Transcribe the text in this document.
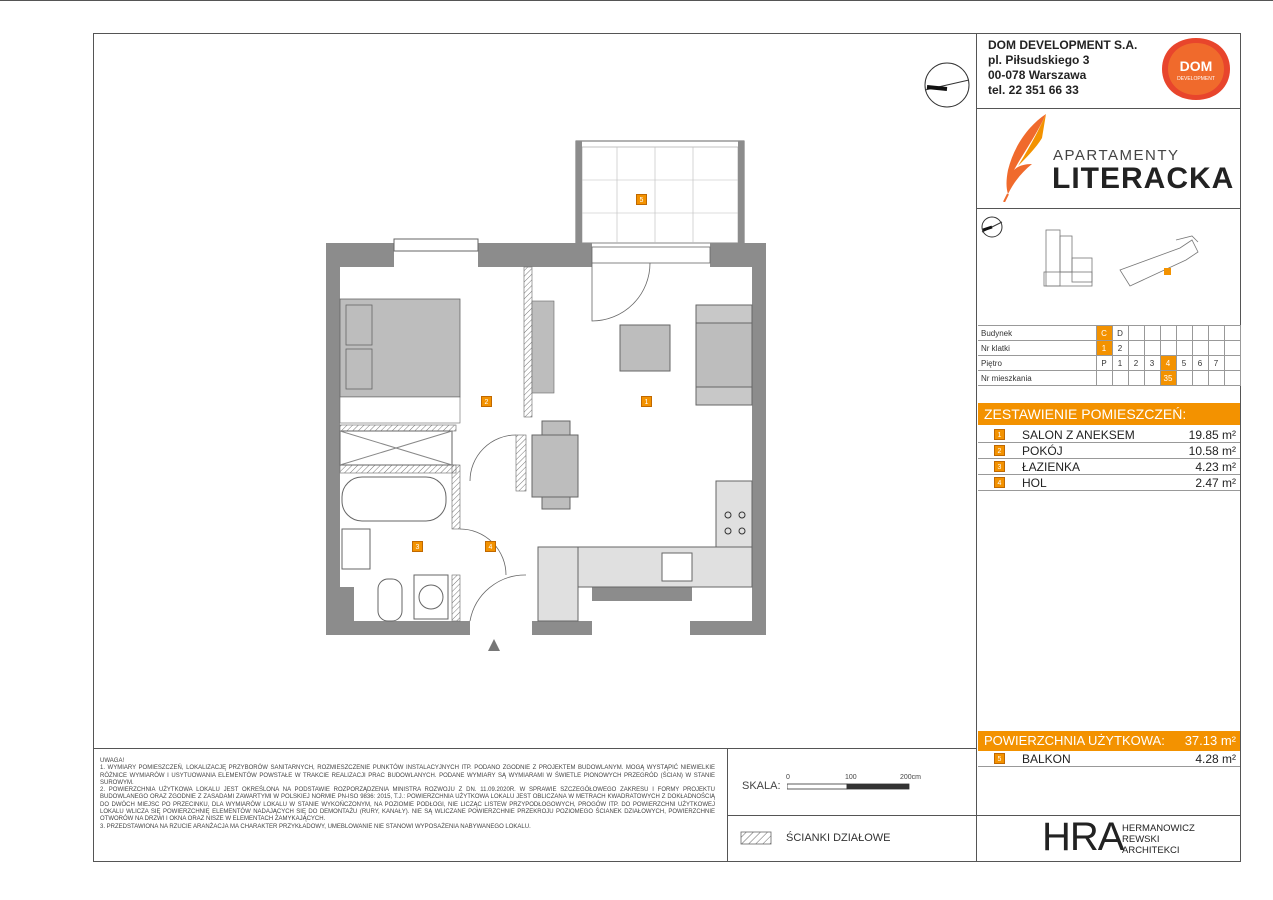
DOM DEVELOPMENT S.A.
pl. Piłsudskiego 3
00-078 Warszawa
tel. 22 351 66 33
DOM
DEVELOPMENT
APARTAMENTY
LITERACKA
Budynek	C	D							
Nr klatki	1	2							
Piętro	P	1	2	3	4	5	6	7	
Nr mieszkania					35				
ZESTAWIENIE POMIESZCZEŃ:
1 SALON Z ANEKSEM	19.85 m²
2 POKÓJ	10.58 m²
3 ŁAZIENKA	4.23 m²
4 HOL	2.47 m²
POWIERZCHNIA UŻYTKOWA: 37.13 m²
5 BALKON	4.28 m²
1
2
3	4
5
UWAGA!
1. WYMIARY POMIESZCZEŃ, LOKALIZACJĘ PRZYBORÓW SANITARNYCH, ROZMIESZCZENIE PUNKTÓW INSTALACYJNYCH ITP. PODANO ZGODNIE Z PROJEKTEM BUDOWLANYM. MOGĄ WYSTĄPIĆ NIEWIELKIE RÓŻNICE WYMIARÓW I USYTUOWANIA ELEMENTÓW POWSTAŁE W TRAKCIE REALIZACJI PRAC BUDOWLANYCH. PODANE WYMIARY SĄ WYMIARAMI W ŚWIETLE PIONOWYCH PRZEGRÓD (ŚCIAN) W STANIE SUROWYM.
2. POWIERZCHNIA UŻYTKOWA LOKALU JEST OKREŚLONA NA PODSTAWIE ROZPORZĄDZENIA MINISTRA ROZWOJU Z DN. 11.09.2020R. W SPRAWIE SZCZEGÓŁOWEGO ZAKRESU I FORMY PROJEKTU BUDOWLANEGO ORAZ ZGODNIE Z ZASADAMI ZAWARTYMI W POLSKIEJ NORMIE PN-ISO 9836: 2015, T.J.: POWIERZCHNIA UŻYTKOWA LOKALU JEST OBLICZANA W METRACH KWADRATOWYCH Z DOKŁADNOŚCIĄ DO DWÓCH MIEJSC PO PRZECINKU, DLA WYMIARÓW LOKALU W STANIE WYKOŃCZONYM, NA POZIOMIE PODŁOGI, NIE LICZĄC LISTEW PRZYPODŁOGOWYCH, PROGÓW ITP. DO POWIERZCHNI UŻYTKOWEJ LOKALU WLICZA SIĘ POWIERZCHNIĘ ELEMENTÓW NADAJĄCYCH SIĘ DO DEMONTAŻU (RURY, KANAŁY). NIE SĄ WLICZANE POWIERZCHNIE PRZEKROJU POZIOMEGO ŚCIANEK DZIAŁOWYCH, POWIERZCHNIE OTWORÓW NA DRZWI I OKNA ORAZ NISZE W ELEMENTACH ZAMYKAJĄCYCH.
3. PRZEDSTAWIONA NA RZUCIE ARANŻACJA MA CHARAKTER PRZYKŁADOWY, UMEBLOWANIE NIE STANOWI WYPOSAŻENIA NABYWANEGO LOKALU.
SKALA:
0	100	200cm
ŚCIANKI DZIAŁOWE	HRA
HERMANOWICZ
REWSKI
ARCHITEKCI
